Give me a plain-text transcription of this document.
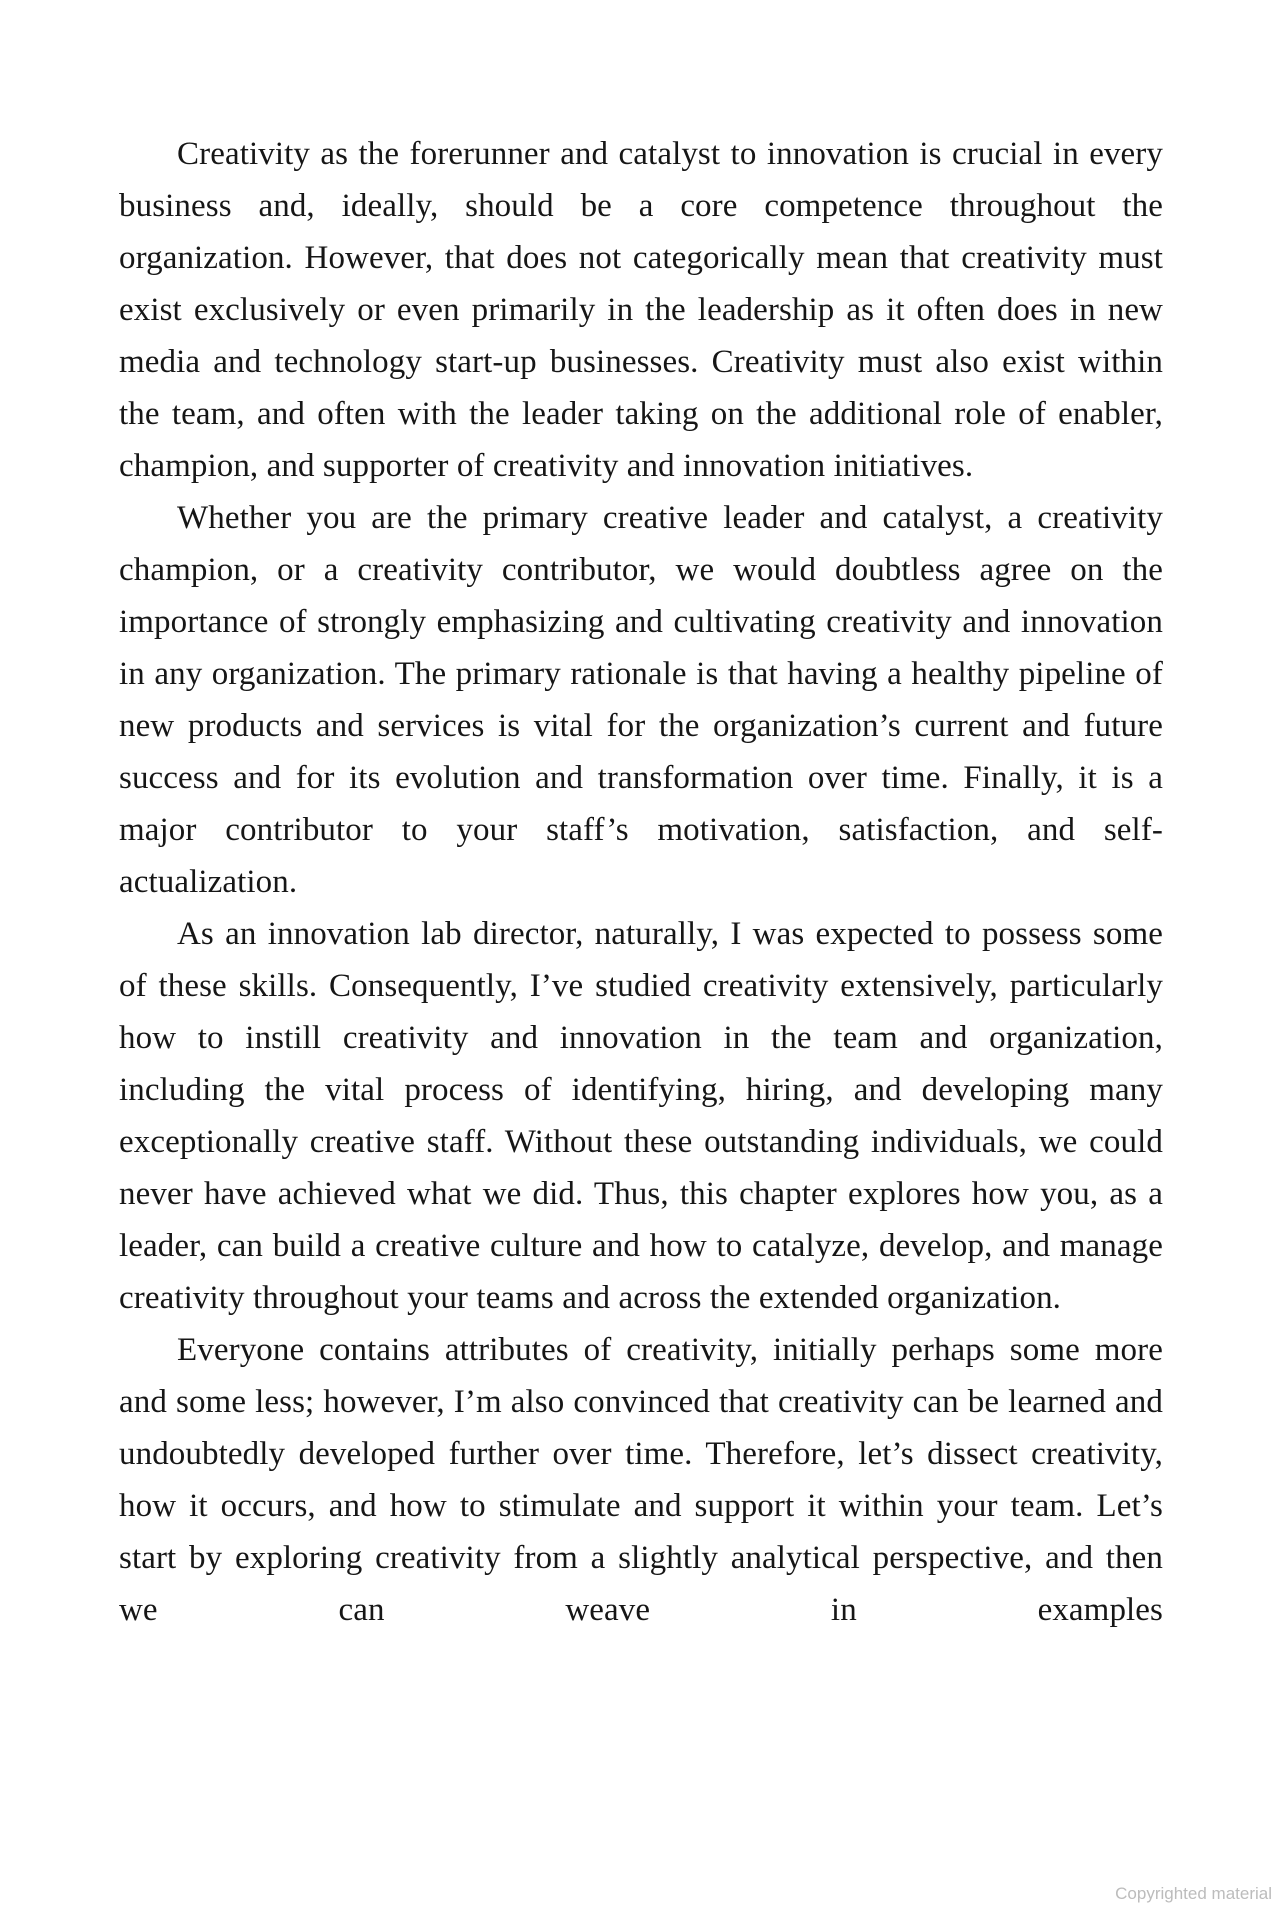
Creativity as the forerunner and catalyst to innovation is crucial in every business and, ideally, should be a core competence throughout the organization. However, that does not categorically mean that creativity must exist exclusively or even primarily in the leadership as it often does in new media and technology start-up businesses. Creativity must also exist within the team, and often with the leader taking on the additional role of enabler, champion, and supporter of creativity and innovation initiatives.

Whether you are the primary creative leader and catalyst, a creativity champion, or a creativity contributor, we would doubtless agree on the importance of strongly emphasizing and cultivating creativity and innovation in any organization. The primary rationale is that having a healthy pipeline of new products and services is vital for the organization’s current and future success and for its evolution and transformation over time. Finally, it is a major contributor to your staff’s motivation, satisfaction, and self-actualization.

As an innovation lab director, naturally, I was expected to possess some of these skills. Consequently, I’ve studied creativity extensively, particularly how to instill creativity and innovation in the team and organization, including the vital process of identifying, hiring, and developing many exceptionally creative staff. Without these outstanding individuals, we could never have achieved what we did. Thus, this chapter explores how you, as a leader, can build a creative culture and how to catalyze, develop, and manage creativity throughout your teams and across the extended organization.

Everyone contains attributes of creativity, initially perhaps some more and some less; however, I’m also convinced that creativity can be learned and undoubtedly developed further over time. Therefore, let’s dissect creativity, how it occurs, and how to stimulate and support it within your team. Let’s start by exploring creativity from a slightly analytical perspective, and then we can weave in examples

Copyrighted material
